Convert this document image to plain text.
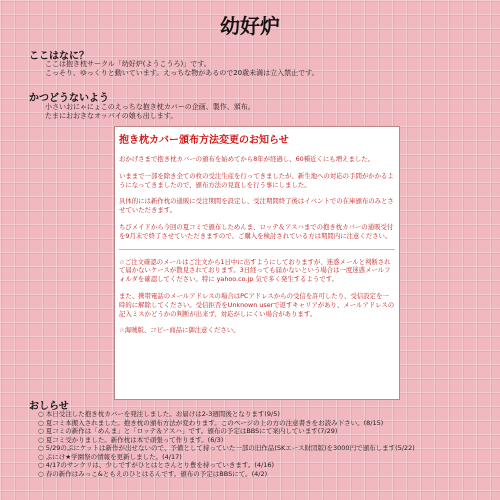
幼好炉
ここはなに？
ここは抱き枕サークル「幼好炉(ようこうろ)」です。
こっそり、ゆっくりと動いています。えっちな物があるので20歳未満は立入禁止です。
かつどうないよう
小さいおにゃにょこのえっちな抱き枕カバーの企画、製作、頒布。
たまにおおきなオッパイの娘も出します。
抱き枕カバー頒布方法変更のお知らせ

おかげさまで抱き枕カバーの頒布を始めてから8年が経過し、60種近くにも増えました。

いままで一部を除き全ての枚の受注生産を行ってきましたが、新生地への対応の手間がかかるようになってきましたので、頒布方法の見直しを行う事にしました。

具体的には新作枕の通販に受注期間を設定し、受注期間終了後はイベントでの在庫頒布のみとさせていただきます。

ちびメイドから今回の夏コミで頒布しためんま、ロッテ＆アスハまでの抱き枕カバーの通販受付を9月末で終了させていただきますので、ご購入を検討されている方は期間内に注意ください。

☆ご注文確認のメールはご注文から1日中に出すようにしておりますが、迷惑メールと判断されて届かないケースが散見されております。3日経っても届かないという場合は一度迷惑メールフォルダを確認してください。特に yahoo.co.jp 気で多く発生するようです。

また、携帯電話のメールアドレスの場合はPCアドレスからの受信を許可したり、受信設定を一時的に解除してください。受信拒否をUnknown userで返すキャリアがあり、メールアドレスの記入ミスかどうかの判断が出来ず、対応がしにくい場合があります。

☆海賊版、コピー商品に御注意ください。

おしらせ
○ 本日受注した抱き枕カバーを発注しました。お届けは2-3週間後となります(9/5)
○ 夏コミ本搬入されました。抱き枕の頒布方法が変わります。このページの上の方の注意書きをお読み下さい。(8/15)
○ 夏コミの新作は「めんま」と「ロッテ＆アスハ」です。頒布の予定はBBSにて案内しています(7/29)
○ 夏コミ受かりました。新作枕は本で頑張って作ります。(6/3)
○ 5/29のぷにケットは新作が出せないので、予備として持っていた一部の旧作品(SKエース財団版)を3000円で頒布します(5/22)
○ ぷにけ★学園祭の情報を更新しました。(4/17)
○ 4/17のサンクリは、少しですがひとはとさんとり豊を持っていきます。(4/16)
○ 春の新作はみっこ&ともえのひとはるんです。頒布の予定はBBSにて。(4/2)
